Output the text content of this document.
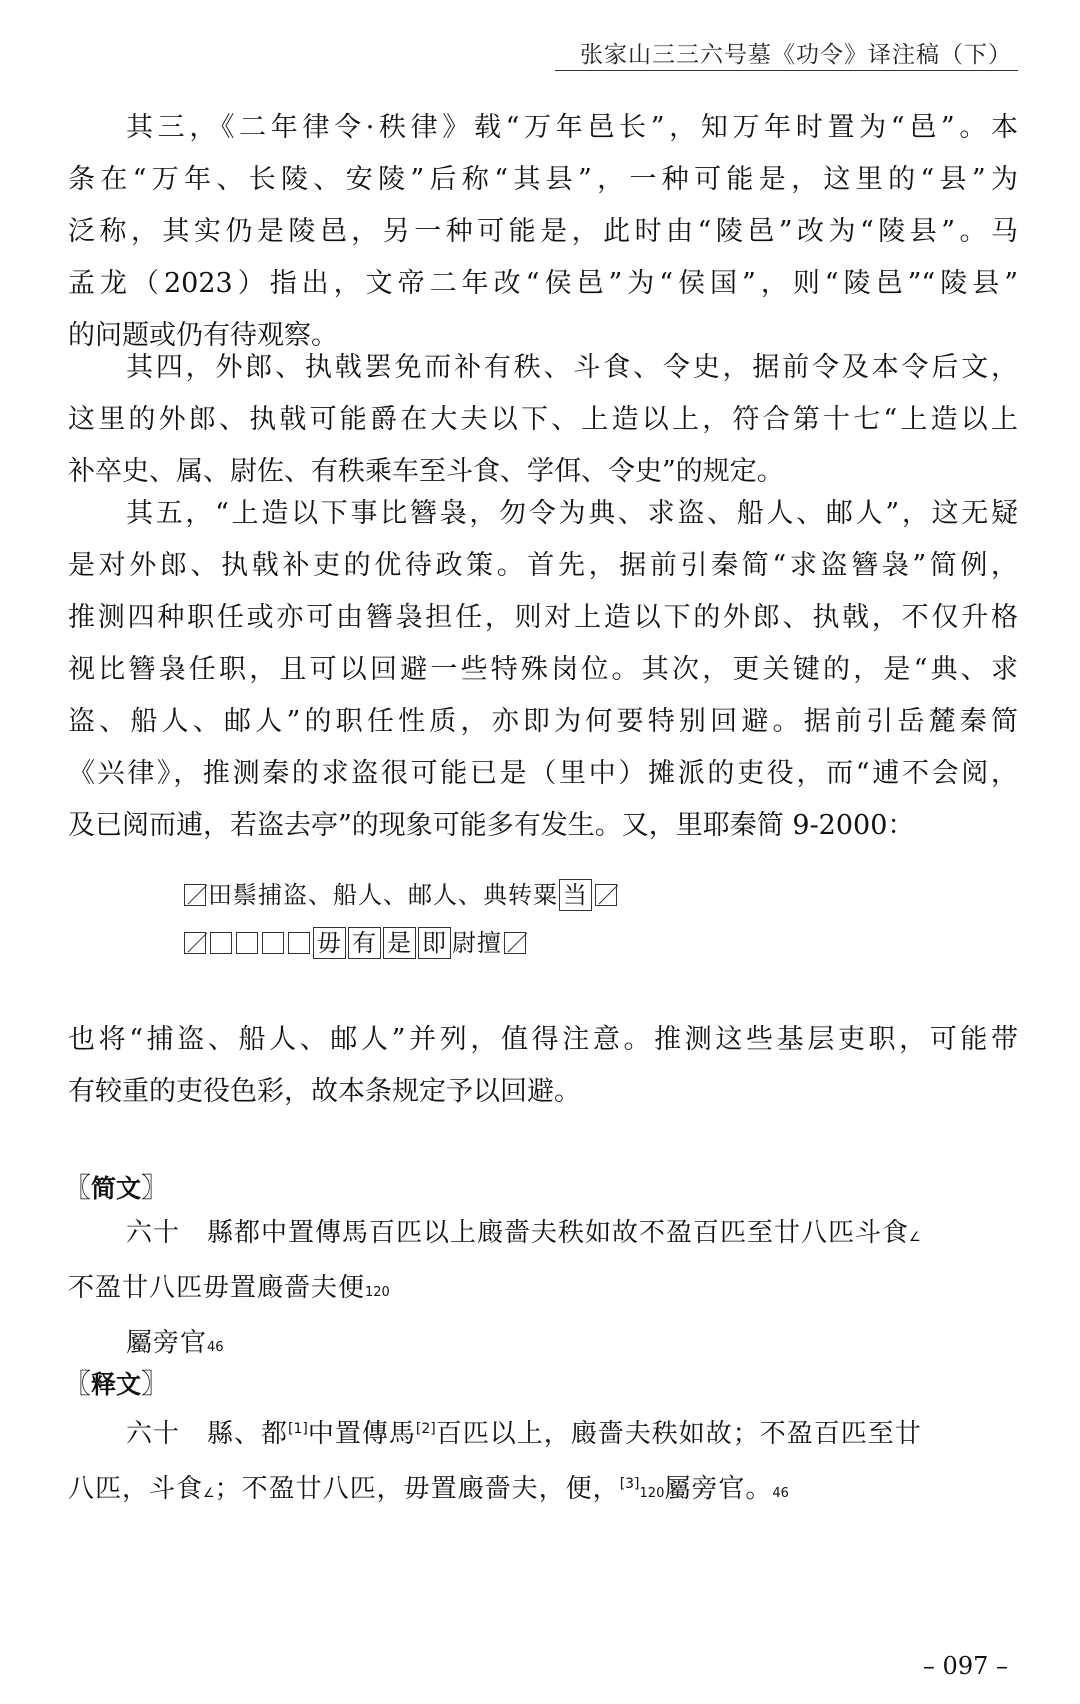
张家山三三六号墓《功令》译注稿（下）

其三，《二年律令·秩律》载“万年邑长”，知万年时置为“邑”。本
条在“万年、长陵、安陵”后称“其县”，一种可能是，这里的“县”为
泛称，其实仍是陵邑，另一种可能是，此时由“陵邑”改为“陵县”。马
孟龙（2023）指出，文帝二年改“侯邑”为“侯国”，则“陵邑”“陵县”
的问题或仍有待观察。

其四，外郎、执戟罢免而补有秩、斗食、令史，据前令及本令后文，
这里的外郎、执戟可能爵在大夫以下、上造以上，符合第十七“上造以上
补卒史、属、尉佐、有秩乘车至斗食、学佴、令史”的规定。

其五，“上造以下事比簪袅，勿令为典、求盗、船人、邮人”，这无疑
是对外郎、执戟补吏的优待政策。首先，据前引秦简“求盗簪袅”简例，
推测四种职任或亦可由簪袅担任，则对上造以下的外郎、执戟，不仅升格
视比簪袅任职，且可以回避一些特殊岗位。其次，更关键的，是“典、求
盗、船人、邮人”的职任性质，亦即为何要特别回避。据前引岳麓秦简
《兴律》，推测秦的求盗很可能已是（里中）摊派的吏役，而“逋不会阅，
及已阅而逋，若盗去亭”的现象可能多有发生。又，里耶秦简 9-2000：

田鬃捕盗、船人、邮人、典转粟 当
毋 有 是 即 尉擅

也将“捕盗、船人、邮人”并列，值得注意。推测这些基层吏职，可能带
有较重的吏役色彩，故本条规定予以回避。

〖简文〗
六十　縣都中置傳馬百匹以上廄嗇夫秩如故不盈百匹至廿八匹斗食∠
不盈廿八匹毋置廄嗇夫便120
屬旁官46
〖释文〗
六十　縣、都[1]中置傳馬[2]百匹以上，廄嗇夫秩如故；不盈百匹至廿
八匹，斗食∠；不盈廿八匹，毋置廄嗇夫，便，[3]120屬旁官。46
– 097 –
